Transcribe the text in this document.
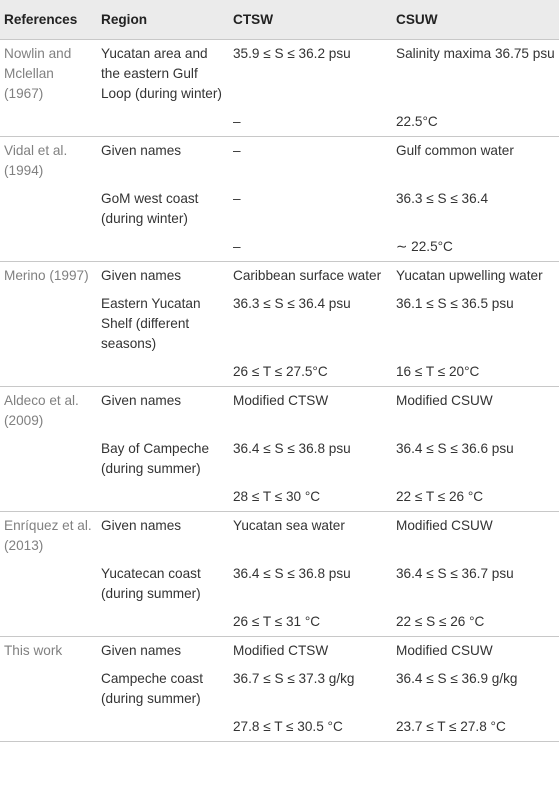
References	Region	CTSW	CSUW
Nowlin and Mclellan (1967)	Yucatan area and the eastern Gulf Loop (during winter)	35.9 ≤ S ≤ 36.2 psu	Salinity maxima 36.75 psu
		–	22.5°C
Vidal et al. (1994)	Given names	–	Gulf common water
	GoM west coast (during winter)	–	36.3 ≤ S ≤ 36.4
		–	∼ 22.5°C
Merino (1997)	Given names	Caribbean surface water	Yucatan upwelling water
	Eastern Yucatan Shelf (different seasons)	36.3 ≤ S ≤ 36.4 psu	36.1 ≤ S ≤ 36.5 psu
		26 ≤ T ≤ 27.5°C	16 ≤ T ≤ 20°C
Aldeco et al. (2009)	Given names	Modified CTSW	Modified CSUW
	Bay of Campeche (during summer)	36.4 ≤ S ≤ 36.8 psu	36.4 ≤ S ≤ 36.6 psu
		28 ≤ T ≤ 30 °C	22 ≤ T ≤ 26 °C
Enríquez et al. (2013)	Given names	Yucatan sea water	Modified CSUW
	Yucatecan coast (during summer)	36.4 ≤ S ≤ 36.8 psu	36.4 ≤ S ≤ 36.7 psu
		26 ≤ T ≤ 31 °C	22 ≤ S ≤ 26 °C
This work	Given names	Modified CTSW	Modified CSUW
	Campeche coast (during summer)	36.7 ≤ S ≤ 37.3 g/kg	36.4 ≤ S ≤ 36.9 g/kg
		27.8 ≤ T ≤ 30.5 °C	23.7 ≤ T ≤ 27.8 °C
